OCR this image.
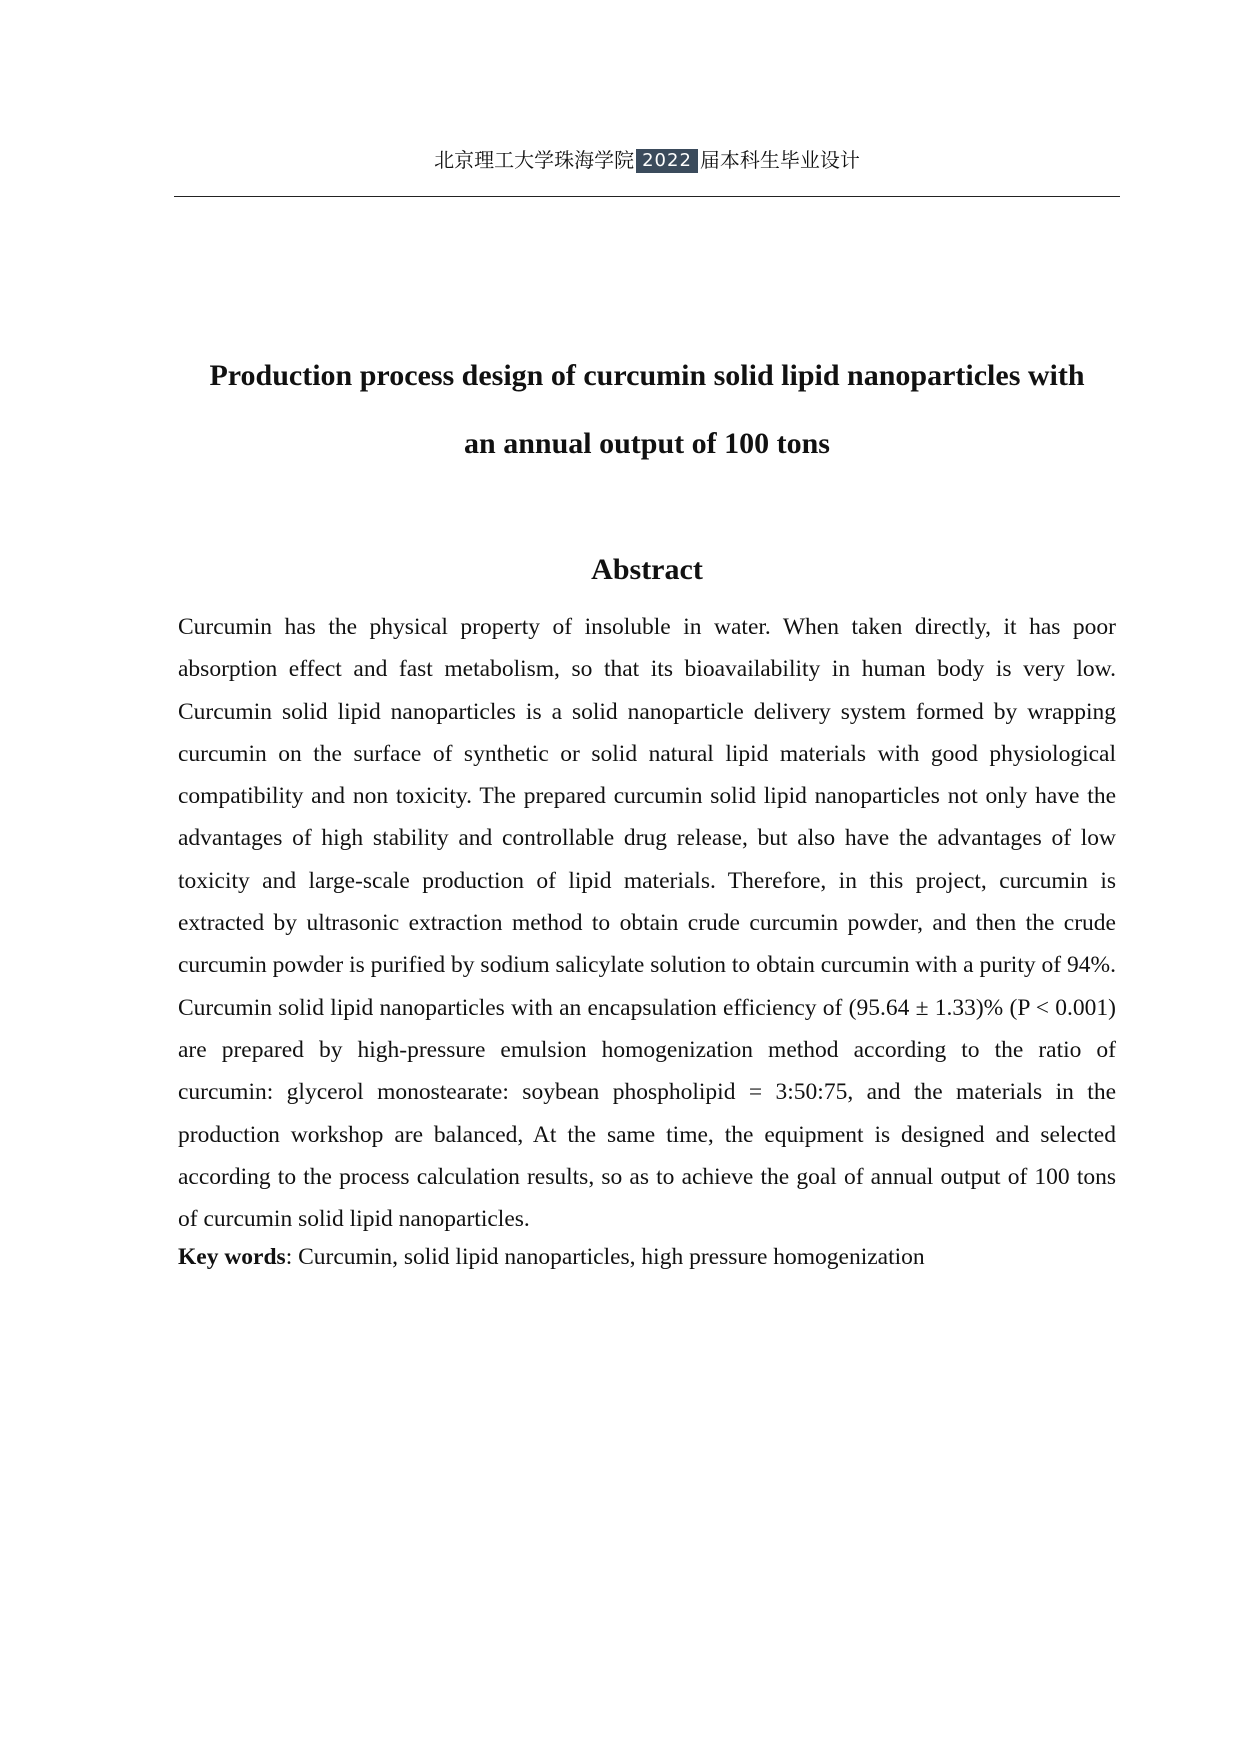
北京理工大学珠海学院 2022 届本科生毕业设计
Production process design of curcumin solid lipid nanoparticles with
an annual output of 100 tons
Abstract

Curcumin has the physical property of insoluble in water. When taken directly, it has poor absorption effect and fast metabolism, so that its bioavailability in human body is very low. Curcumin solid lipid nanoparticles is a solid nanoparticle delivery system formed by wrapping curcumin on the surface of synthetic or solid natural lipid materials with good physiological compatibility and non toxicity. The prepared curcumin solid lipid nanoparticles not only have the advantages of high stability and controllable drug release, but also have the advantages of low toxicity and large-scale production of lipid materials. Therefore, in this project, curcumin is extracted by ultrasonic extraction method to obtain crude curcumin powder, and then the crude curcumin powder is purified by sodium salicylate solution to obtain curcumin with a purity of 94%. Curcumin solid lipid nanoparticles with an encapsulation efficiency of (95.64 ± 1.33)% (P < 0.001) are prepared by high-pressure emulsion homogenization method according to the ratio of curcumin: glycerol monostearate: soybean phospholipid = 3:50:75, and the materials in the production workshop are balanced, At the same time, the equipment is designed and selected according to the process calculation results, so as to achieve the goal of annual output of 100 tons of curcumin solid lipid nanoparticles.

Key words: Curcumin, solid lipid nanoparticles, high pressure homogenization
